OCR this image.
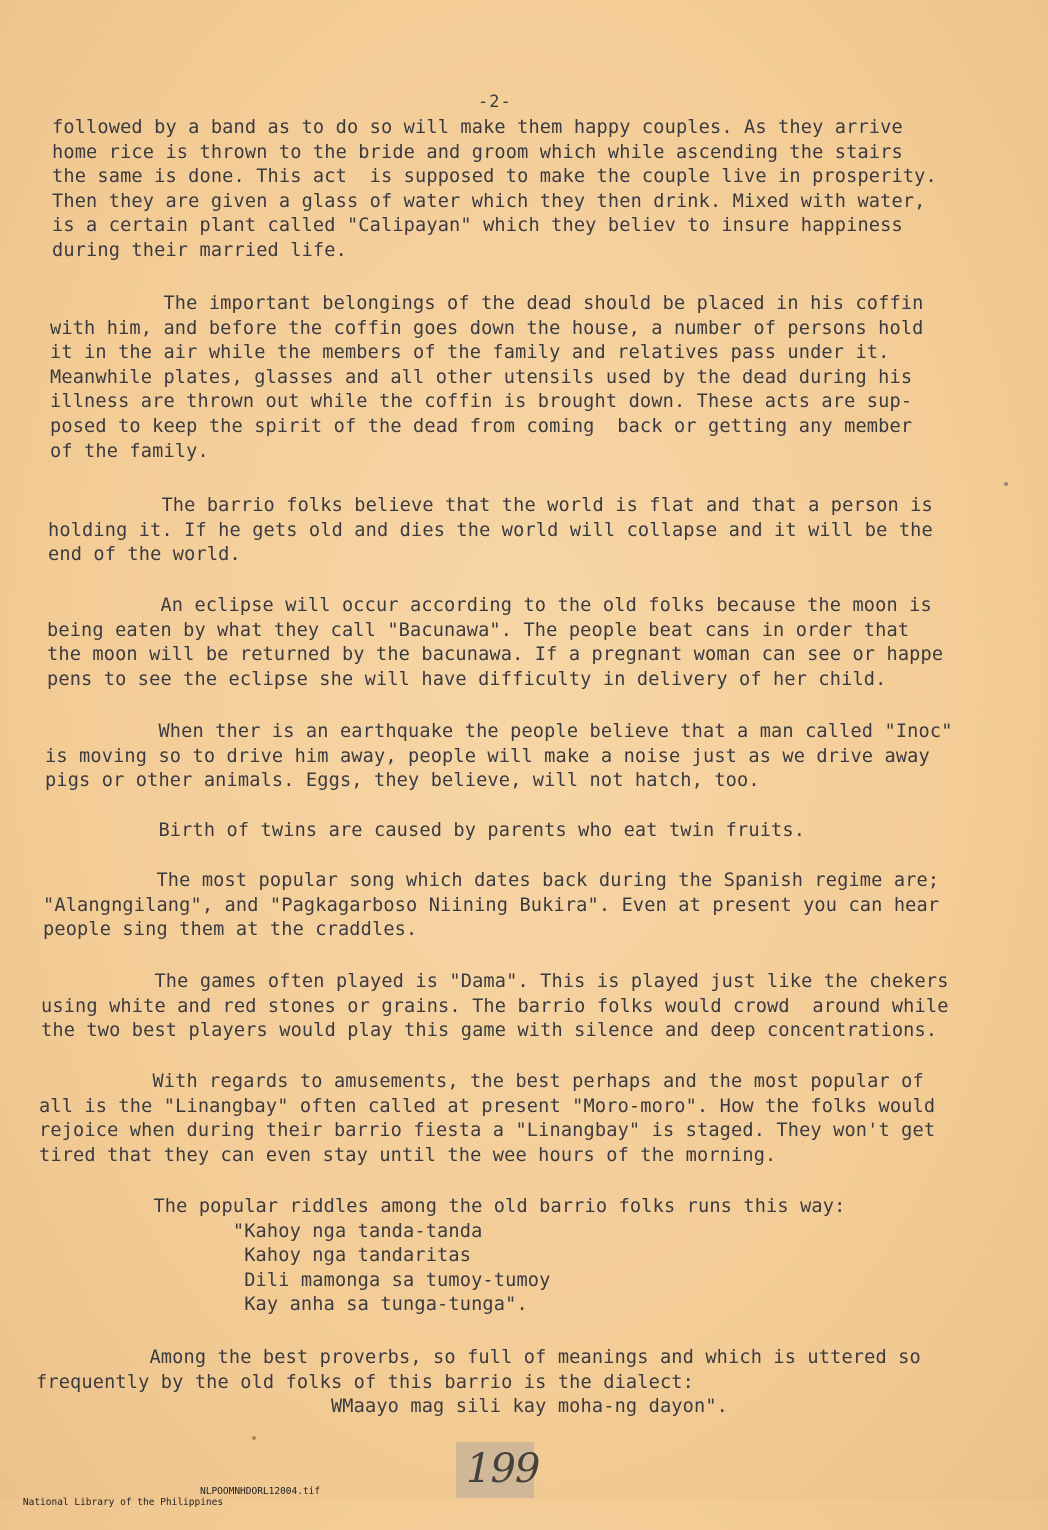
-2-

followed by a band as to do so will make them happy couples. As they arrive
home rice is thrown to the bride and groom which while ascending the stairs
the same is done. This act  is supposed to make the couple live in prosperity.
Then they are given a glass of water which they then drink. Mixed with water,
is a certain plant called "Calipayan" which they believ to insure happiness
during their married life.

The important belongings of the dead should be placed in his coffin
with him, and before the coffin goes down the house, a number of persons hold
it in the air while the members of the family and relatives pass under it.
Meanwhile plates, glasses and all other utensils used by the dead during his
illness are thrown out while the coffin is brought down. These acts are sup-
posed to keep the spirit of the dead from coming  back or getting any member
of the family.

The barrio folks believe that the world is flat and that a person is
holding it. If he gets old and dies the world will collapse and it will be the
end of the world.

An eclipse will occur according to the old folks because the moon is
being eaten by what they call "Bacunawa". The people beat cans in order that
the moon will be returned by the bacunawa. If a pregnant woman can see or happe
pens to see the eclipse she will have difficulty in delivery of her child.

When ther is an earthquake the people believe that a man called "Inoc"
is moving so to drive him away, people will make a noise just as we drive away
pigs or other animals. Eggs, they believe, will not hatch, too.

Birth of twins are caused by parents who eat twin fruits.

The most popular song which dates back during the Spanish regime are;
"Alangngilang", and "Pagkagarboso Niining Bukira". Even at present you can hear
people sing them at the craddles.

The games often played is "Dama". This is played just like the chekers
using white and red stones or grains. The barrio folks would crowd  around while
the two best players would play this game with silence and deep concentrations.

With regards to amusements, the best perhaps and the most popular of
all is the "Linangbay" often called at present "Moro-moro". How the folks would
rejoice when during their barrio fiesta a "Linangbay" is staged. They won't get
tired that they can even stay until the wee hours of the morning.

The popular riddles among the old barrio folks runs this way:
"Kahoy nga tanda-tanda
Kahoy nga tandaritas
Dili mamonga sa tumoy-tumoy
Kay anha sa tunga-tunga".

Among the best proverbs, so full of meanings and which is uttered so
frequently by the old folks of this barrio is the dialect:
WMaayo mag sili kay moha-ng dayon".

199

National Library of the Philippines

NLPOOMNHDORL12004.tif
